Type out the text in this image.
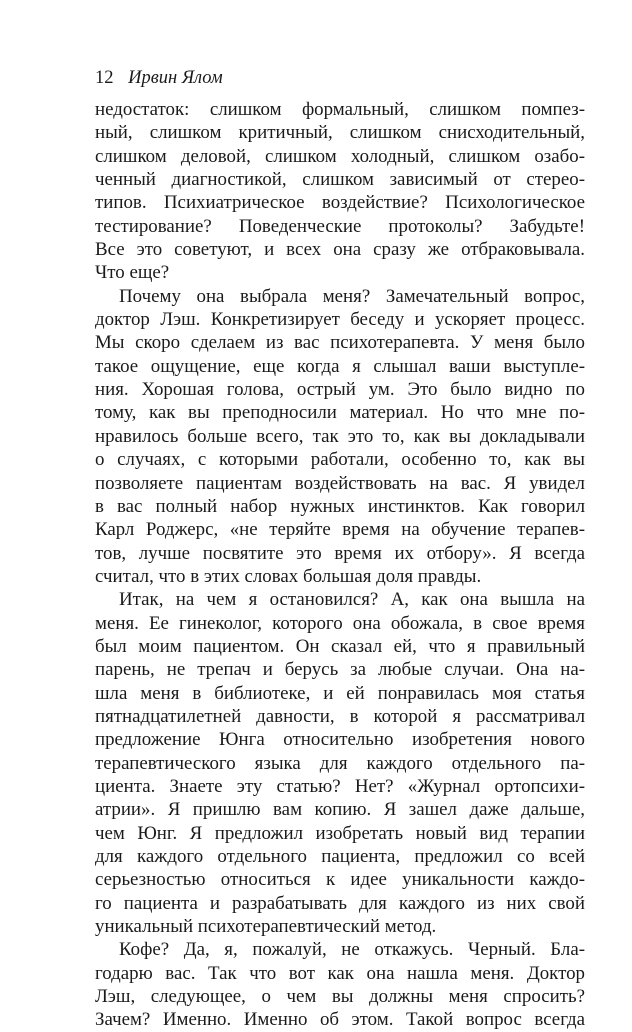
12 Ирвин Ялом
недостаток: слишком формальный, слишком помпез-
ный, слишком критичный, слишком снисходительный,
слишком деловой, слишком холодный, слишком озабо-
ченный диагностикой, слишком зависимый от стерео-
типов. Психиатрическое воздействие? Психологическое
тестирование? Поведенческие протоколы? Забудьте!
Все это советуют, и всех она сразу же отбраковывала.
Что еще?
Почему она выбрала меня? Замечательный вопрос,
доктор Лэш. Конкретизирует беседу и ускоряет процесс.
Мы скоро сделаем из вас психотерапевта. У меня было
такое ощущение, еще когда я слышал ваши выступле-
ния. Хорошая голова, острый ум. Это было видно по
тому, как вы преподносили материал. Но что мне по-
нравилось больше всего, так это то, как вы докладывали
о случаях, с которыми работали, особенно то, как вы
позволяете пациентам воздействовать на вас. Я увидел
в вас полный набор нужных инстинктов. Как говорил
Карл Роджерс, «не теряйте время на обучение терапев-
тов, лучше посвятите это время их отбору». Я всегда
считал, что в этих словах большая доля правды.
Итак, на чем я остановился? А, как она вышла на
меня. Ее гинеколог, которого она обожала, в свое время
был моим пациентом. Он сказал ей, что я правильный
парень, не трепач и берусь за любые случаи. Она на-
шла меня в библиотеке, и ей понравилась моя статья
пятнадцатилетней давности, в которой я рассматривал
предложение Юнга относительно изобретения нового
терапевтического языка для каждого отдельного па-
циента. Знаете эту статью? Нет? «Журнал ортопсихи-
атрии». Я пришлю вам копию. Я зашел даже дальше,
чем Юнг. Я предложил изобретать новый вид терапии
для каждого отдельного пациента, предложил со всей
серьезностью относиться к идее уникальности каждо-
го пациента и разрабатывать для каждого из них свой
уникальный психотерапевтический метод.
Кофе? Да, я, пожалуй, не откажусь. Черный. Бла-
годарю вас. Так что вот как она нашла меня. Доктор
Лэш, следующее, о чем вы должны меня спросить?
Зачем? Именно. Именно об этом. Такой вопрос всегда
